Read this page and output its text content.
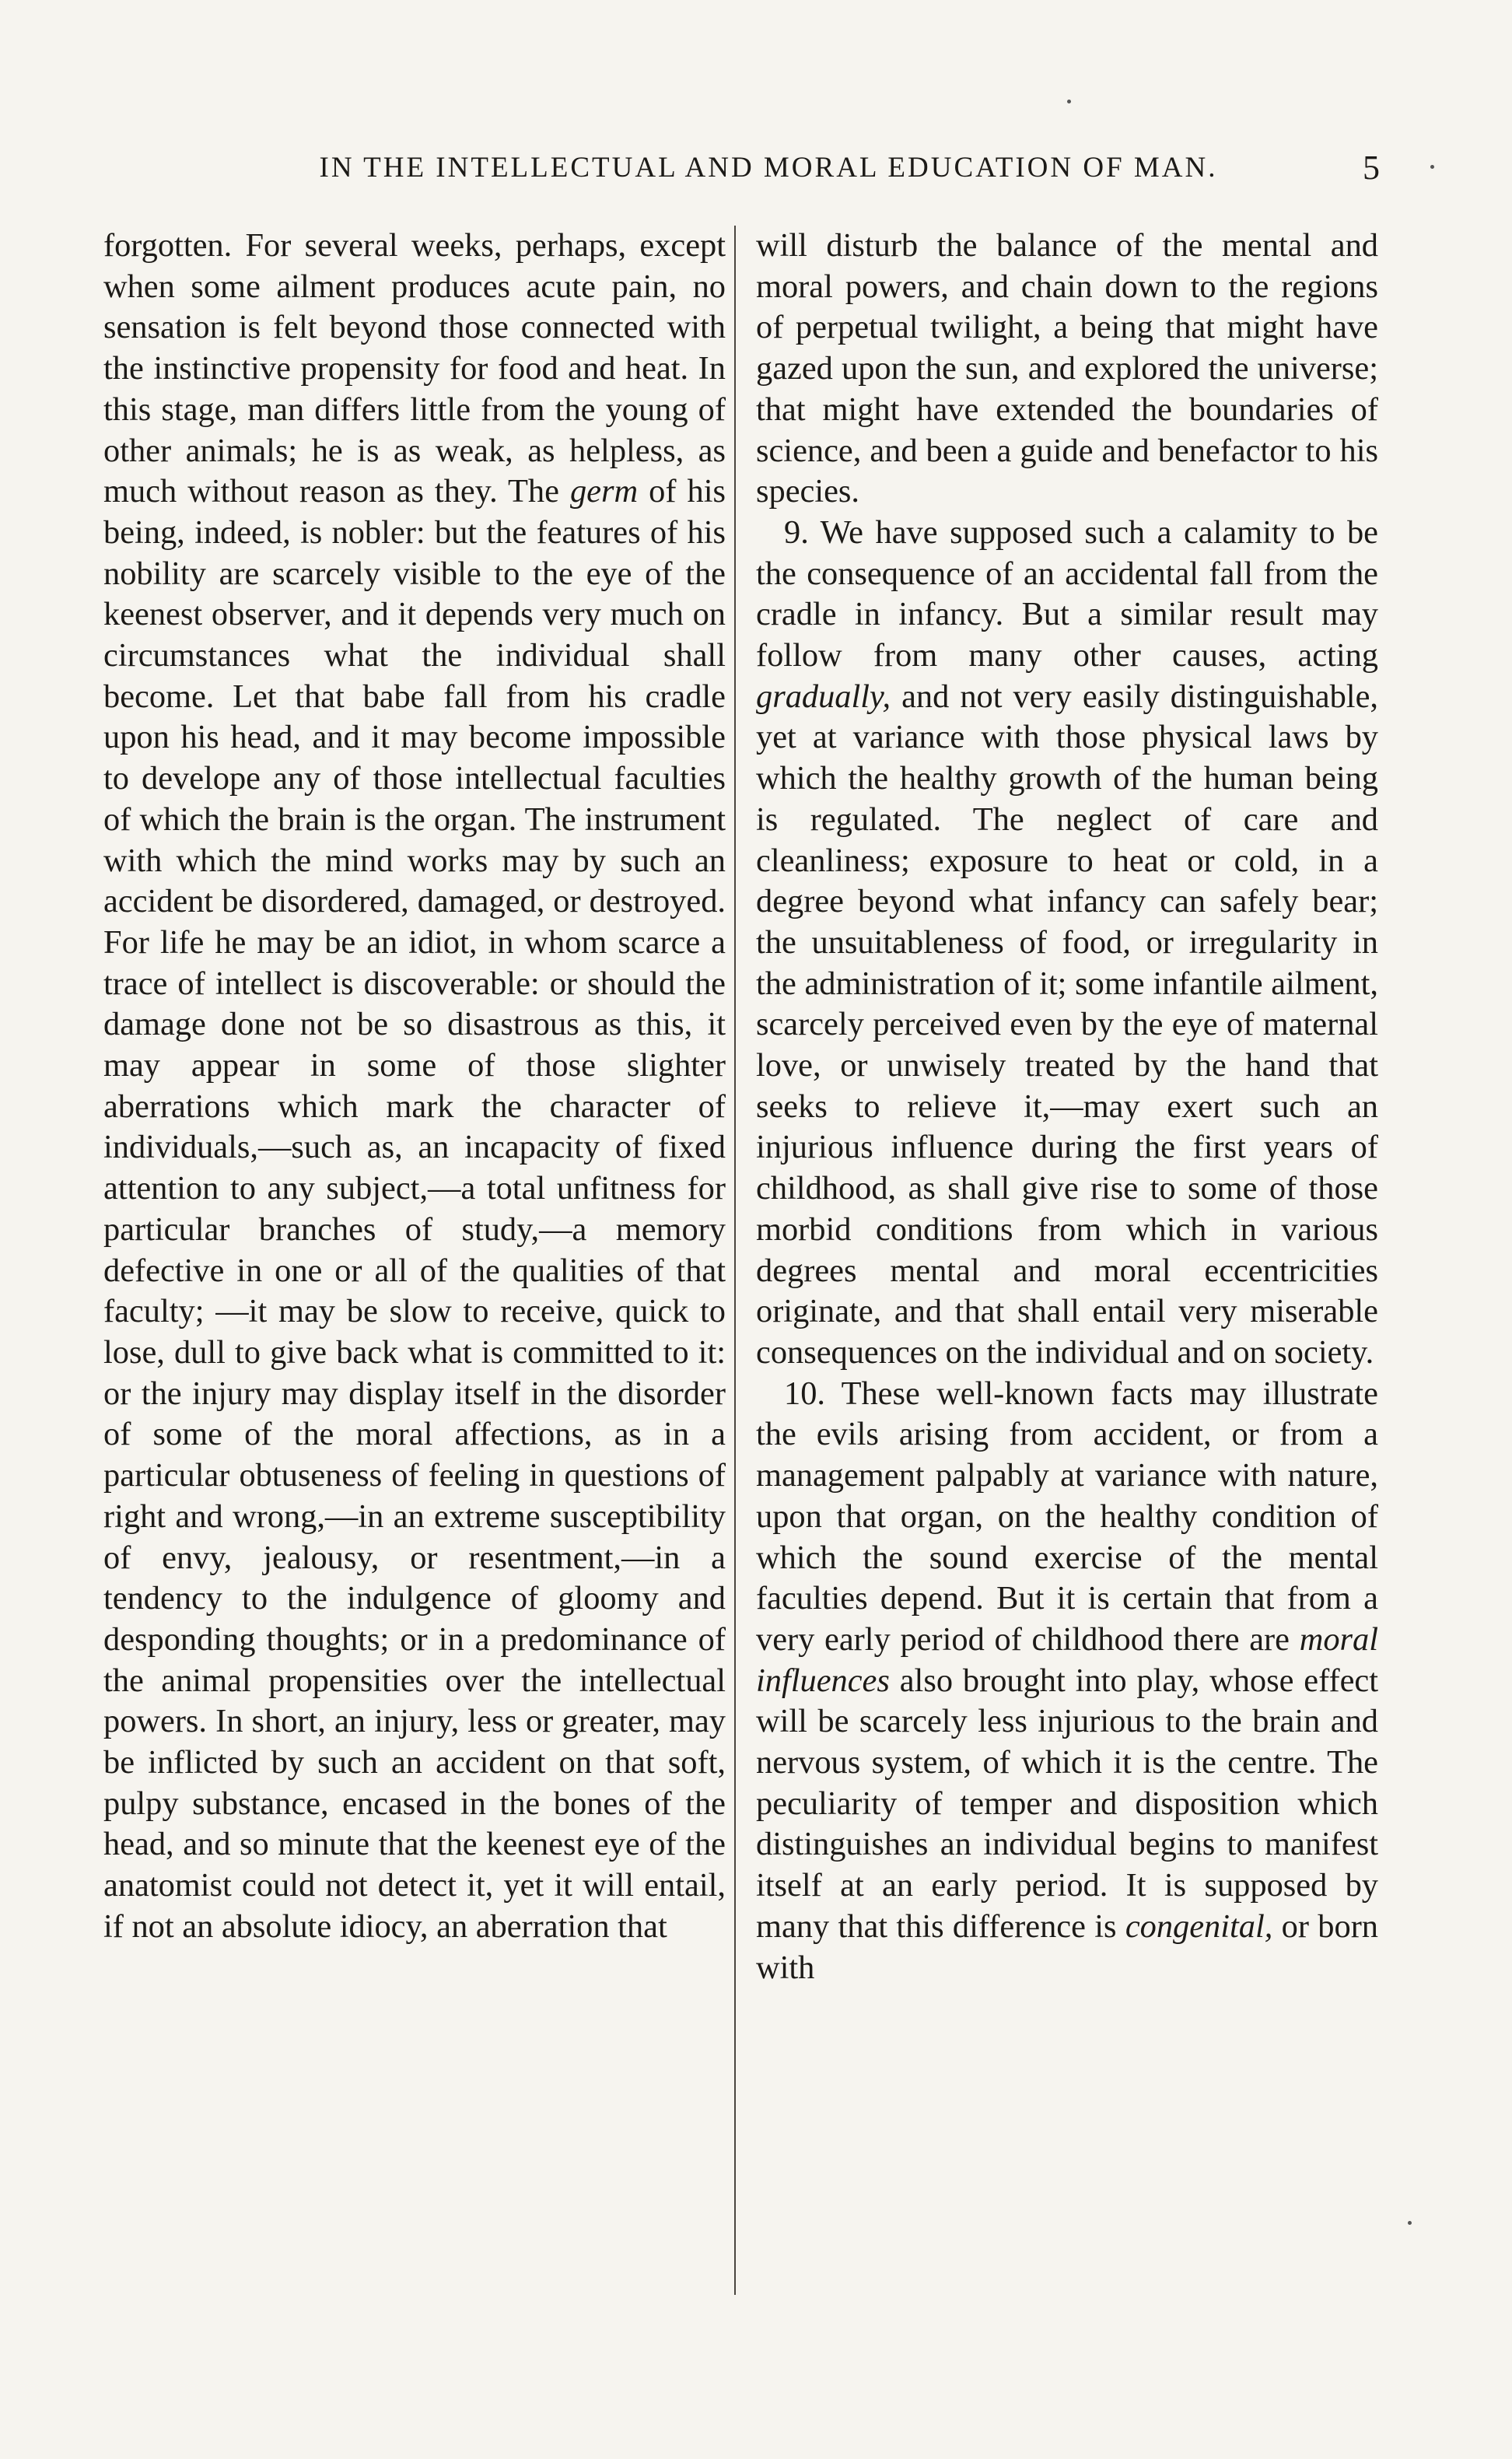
IN THE INTELLECTUAL AND MORAL EDUCATION OF MAN.	5

forgotten. For several weeks, perhaps, except when some ailment produces acute pain, no sensation is felt beyond those connected with the instinctive propensity for food and heat. In this stage, man differs little from the young of other animals; he is as weak, as helpless, as much without reason as they. The germ of his being, indeed, is nobler: but the features of his nobility are scarcely visible to the eye of the keenest observer, and it depends very much on circumstances what the individual shall become. Let that babe fall from his cradle upon his head, and it may become impossible to develope any of those intellectual faculties of which the brain is the organ. The instrument with which the mind works may by such an accident be disordered, damaged, or destroyed. For life he may be an idiot, in whom scarce a trace of intellect is discoverable: or should the damage done not be so disastrous as this, it may appear in some of those slighter aberrations which mark the character of individuals,—such as, an incapacity of fixed attention to any subject,—a total unfitness for particular branches of study,—a memory defective in one or all of the qualities of that faculty; —it may be slow to receive, quick to lose, dull to give back what is committed to it: or the injury may display itself in the disorder of some of the moral affections, as in a particular obtuseness of feeling in questions of right and wrong,—in an extreme susceptibility of envy, jealousy, or resentment,—in a tendency to the indulgence of gloomy and desponding thoughts; or in a predominance of the animal propensities over the intellectual powers. In short, an injury, less or greater, may be inflicted by such an accident on that soft, pulpy substance, encased in the bones of the head, and so minute that the keenest eye of the anatomist could not detect it, yet it will entail, if not an absolute idiocy, an aberration that

will disturb the balance of the mental and moral powers, and chain down to the regions of perpetual twilight, a being that might have gazed upon the sun, and explored the universe; that might have extended the boundaries of science, and been a guide and benefactor to his species.

9. We have supposed such a calamity to be the consequence of an accidental fall from the cradle in infancy. But a similar result may follow from many other causes, acting gradually, and not very easily distinguishable, yet at variance with those physical laws by which the healthy growth of the human being is regulated. The neglect of care and cleanliness; exposure to heat or cold, in a degree beyond what infancy can safely bear; the unsuitableness of food, or irregularity in the administration of it; some infantile ailment, scarcely perceived even by the eye of maternal love, or unwisely treated by the hand that seeks to relieve it,—may exert such an injurious influence during the first years of childhood, as shall give rise to some of those morbid conditions from which in various degrees mental and moral eccentricities originate, and that shall entail very miserable consequences on the individual and on society.

10. These well-known facts may illustrate the evils arising from accident, or from a management palpably at variance with nature, upon that organ, on the healthy condition of which the sound exercise of the mental faculties depend. But it is certain that from a very early period of childhood there are moral influences also brought into play, whose effect will be scarcely less injurious to the brain and nervous system, of which it is the centre. The peculiarity of temper and disposition which distinguishes an individual begins to manifest itself at an early period. It is supposed by many that this difference is congenital, or born with
